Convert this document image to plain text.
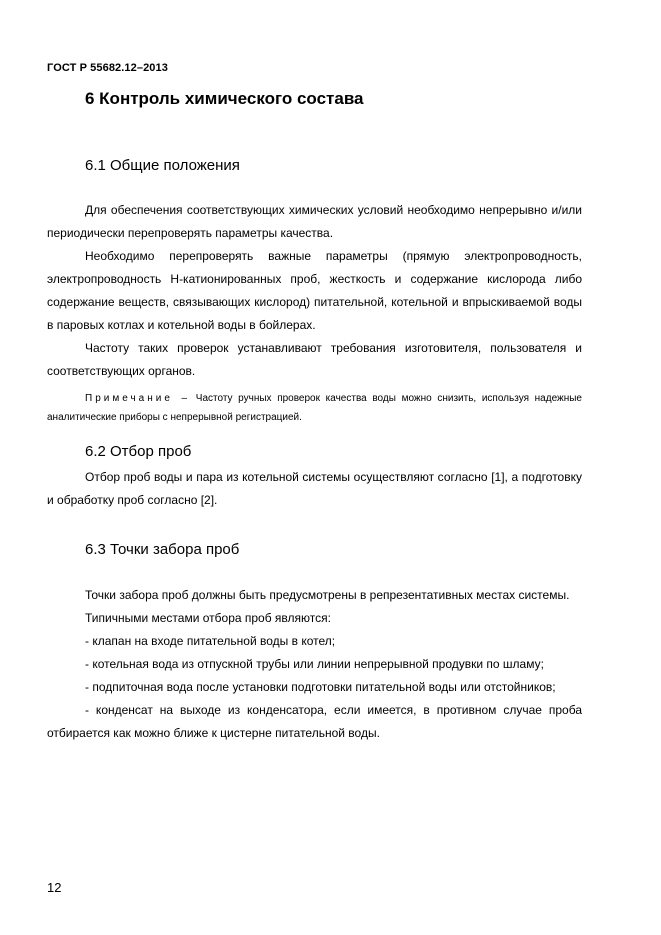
ГОСТ Р 55682.12–2013
6 Контроль химического состава
6.1 Общие положения

Для обеспечения соответствующих химических условий необходимо непрерывно и/или периодически перепроверять параметры качества.

Необходимо перепроверять важные параметры (прямую электропроводность, электропроводность Н-катионированных проб, жесткость и содержание кислорода либо содержание веществ, связывающих кислород) питательной, котельной и впрыскиваемой воды в паровых котлах и котельной воды в бойлерах.

Частоту таких проверок устанавливают требования изготовителя, пользователя и соответствующих органов.

Примечание – Частоту ручных проверок качества воды можно снизить, используя надежные аналитические приборы с непрерывной регистрацией.

6.2 Отбор проб

Отбор проб воды и пара из котельной системы осуществляют согласно [1], а подготовку и обработку проб согласно [2].

6.3 Точки забора проб

Точки забора проб должны быть предусмотрены в репрезентативных местах системы.

Типичными местами отбора проб являются:

- клапан на входе питательной воды в котел;
- котельная вода из отпускной трубы или линии непрерывной продувки по шламу;
- подпиточная вода после установки подготовки питательной воды или отстойников;
- конденсат на выходе из конденсатора, если имеется, в противном случае проба отбирается как можно ближе к цистерне питательной воды.
12
